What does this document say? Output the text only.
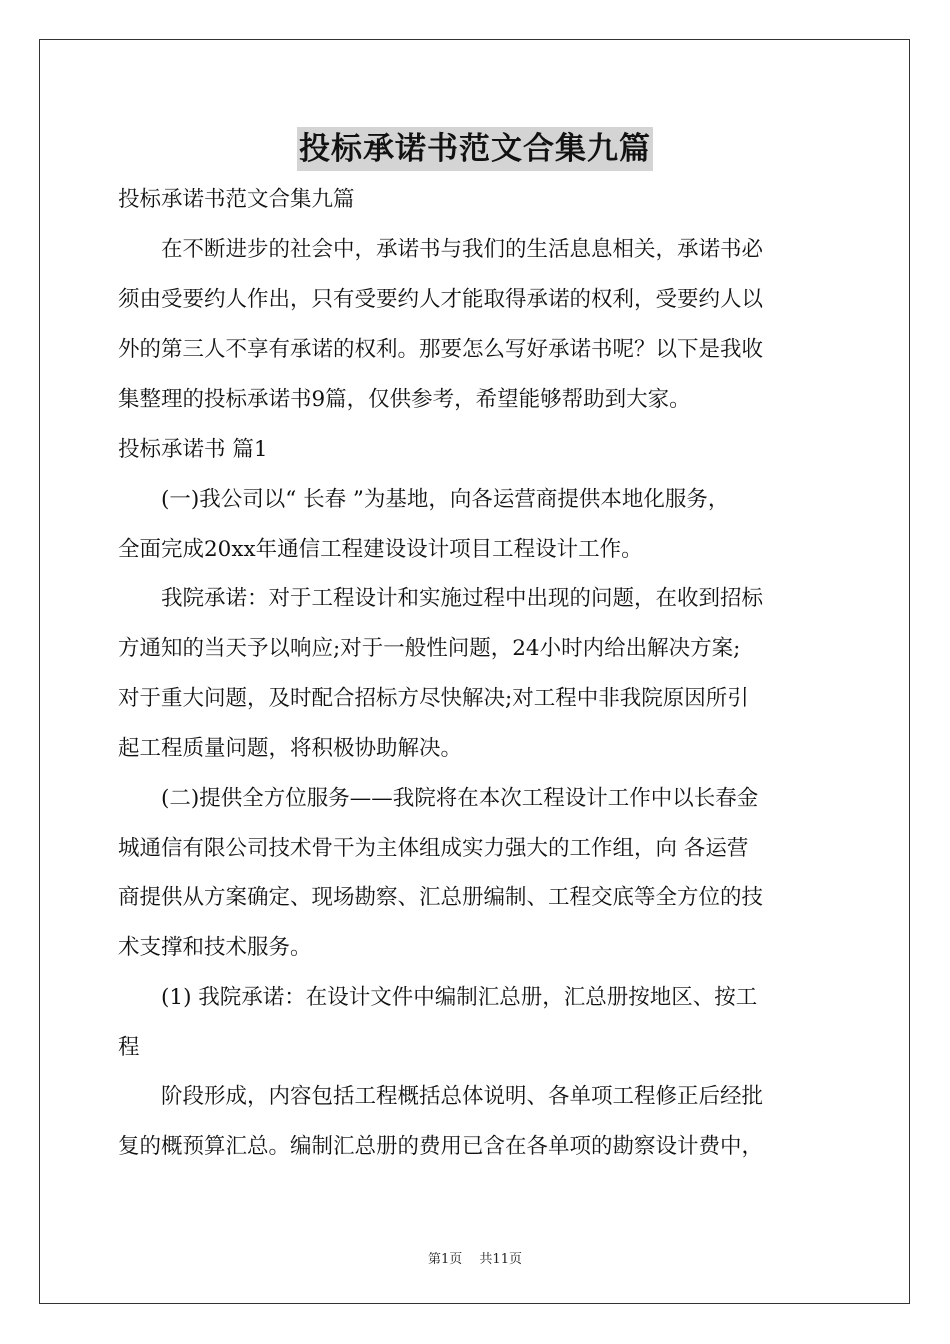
投标承诺书范文合集九篇
投标承诺书范文合集九篇
　　在不断进步的社会中，承诺书与我们的生活息息相关，承诺书必
须由受要约人作出，只有受要约人才能取得承诺的权利，受要约人以
外的第三人不享有承诺的权利。那要怎么写好承诺书呢？以下是我收
集整理的投标承诺书9篇，仅供参考，希望能够帮助到大家。
投标承诺书 篇1
　　(一)我公司以“ 长春 ”为基地，向各运营商提供本地化服务，
全面完成20xx年通信工程建设设计项目工程设计工作。
　　我院承诺：对于工程设计和实施过程中出现的问题，在收到招标
方通知的当天予以响应;对于一般性问题，24小时内给出解决方案;
对于重大问题，及时配合招标方尽快解决;对工程中非我院原因所引
起工程质量问题，将积极协助解决。
　　(二)提供全方位服务——我院将在本次工程设计工作中以长春金
城通信有限公司技术骨干为主体组成实力强大的工作组，向 各运营
商提供从方案确定、现场勘察、汇总册编制、工程交底等全方位的技
术支撑和技术服务。
　　(1) 我院承诺：在设计文件中编制汇总册，汇总册按地区、按工
程
　　阶段形成，内容包括工程概括总体说明、各单项工程修正后经批
复的概预算汇总。编制汇总册的费用已含在各单项的勘察设计费中，
第1页　 共11页
